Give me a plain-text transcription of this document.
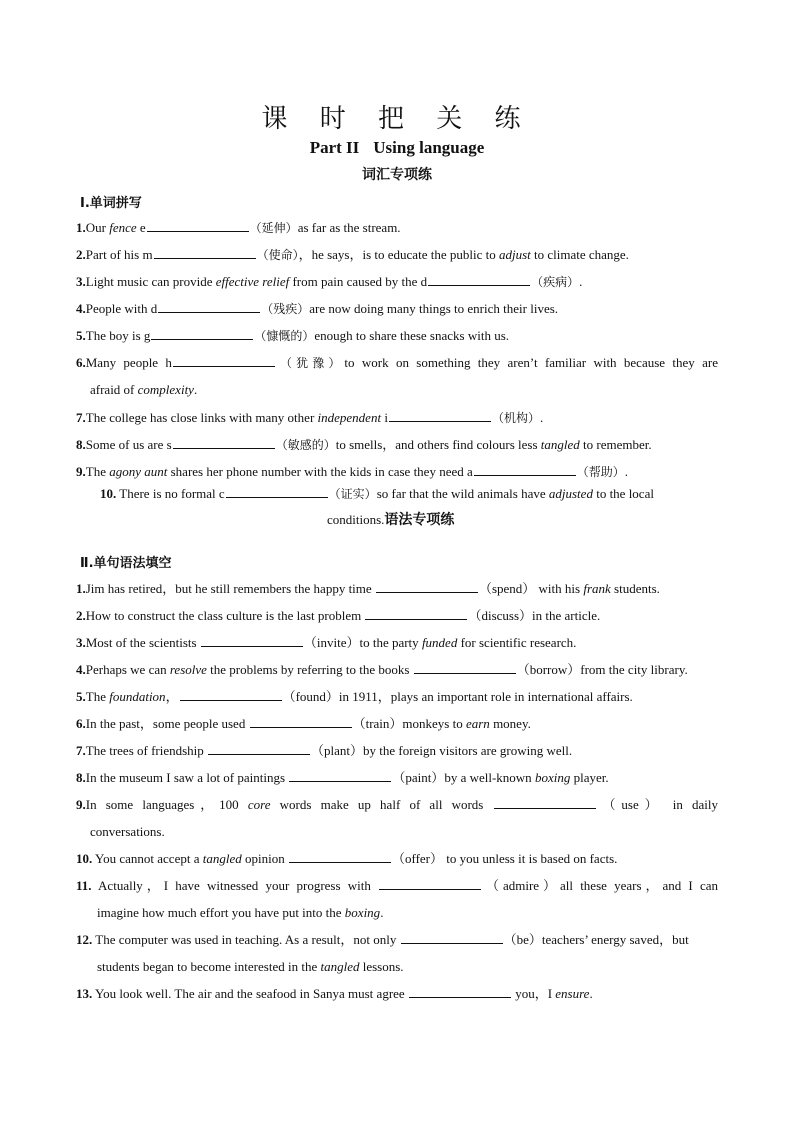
课 时 把 关 练
Part II Using language
词汇专项练
Ⅰ.单词拼写
1.Our fence e	（延伸）as far as the stream.
2.Part of his m	（使命），he says，is to educate the public to adjust to climate change.
3.Light music can provide effective relief from pain caused by the d	（疾病）.
4.People with d	（残疾）are now doing many things to enrich their lives.
5.The boy is g	（慷慨的）enough to share these snacks with us.
6.Many people h	（犹豫）to work on something they aren’t familiar with because they are
afraid of complexity.
7.The college has close links with many other independent i	（机构）.
8.Some of us are s	（敏感的）to smells，and others find colours less tangled to remember.
9.The agony aunt shares her phone number with the kids in case they need a	（帮助）.
10. There is no formal c	（证实）so far that the wild animals have adjusted to the local
conditions.语法专项练
Ⅱ.单句语法填空
1.Jim has retired，but he still remembers the happy time	（spend） with his frank students.
2.How to construct the class culture is the last problem	（discuss）in the article.
3.Most of the scientists	（invite）to the party funded for scientific research.
4.Perhaps we can resolve the problems by referring to the books	（borrow）from the city library.
5.The foundation，	（found）in 1911，plays an important role in international affairs.
6.In the past，some people used	（train）monkeys to earn money.
7.The trees of friendship	（plant）by the foreign visitors are growing well.
8.In the museum I saw a lot of paintings	（paint）by a well-known boxing player.
9.In some languages，100 core words make up half of all words	（use） in daily
conversations.
10. You cannot accept a tangled opinion	（offer） to you unless it is based on facts.
11. Actually，I have witnessed your progress with	（admire）all these years，and I can
imagine how much effort you have put into the boxing.
12. The computer was used in teaching. As a result，not only	（be）teachers’ energy saved，but
students began to become interested in the tangled lessons.
13. You look well. The air and the seafood in Sanya must agree	you，I ensure.
